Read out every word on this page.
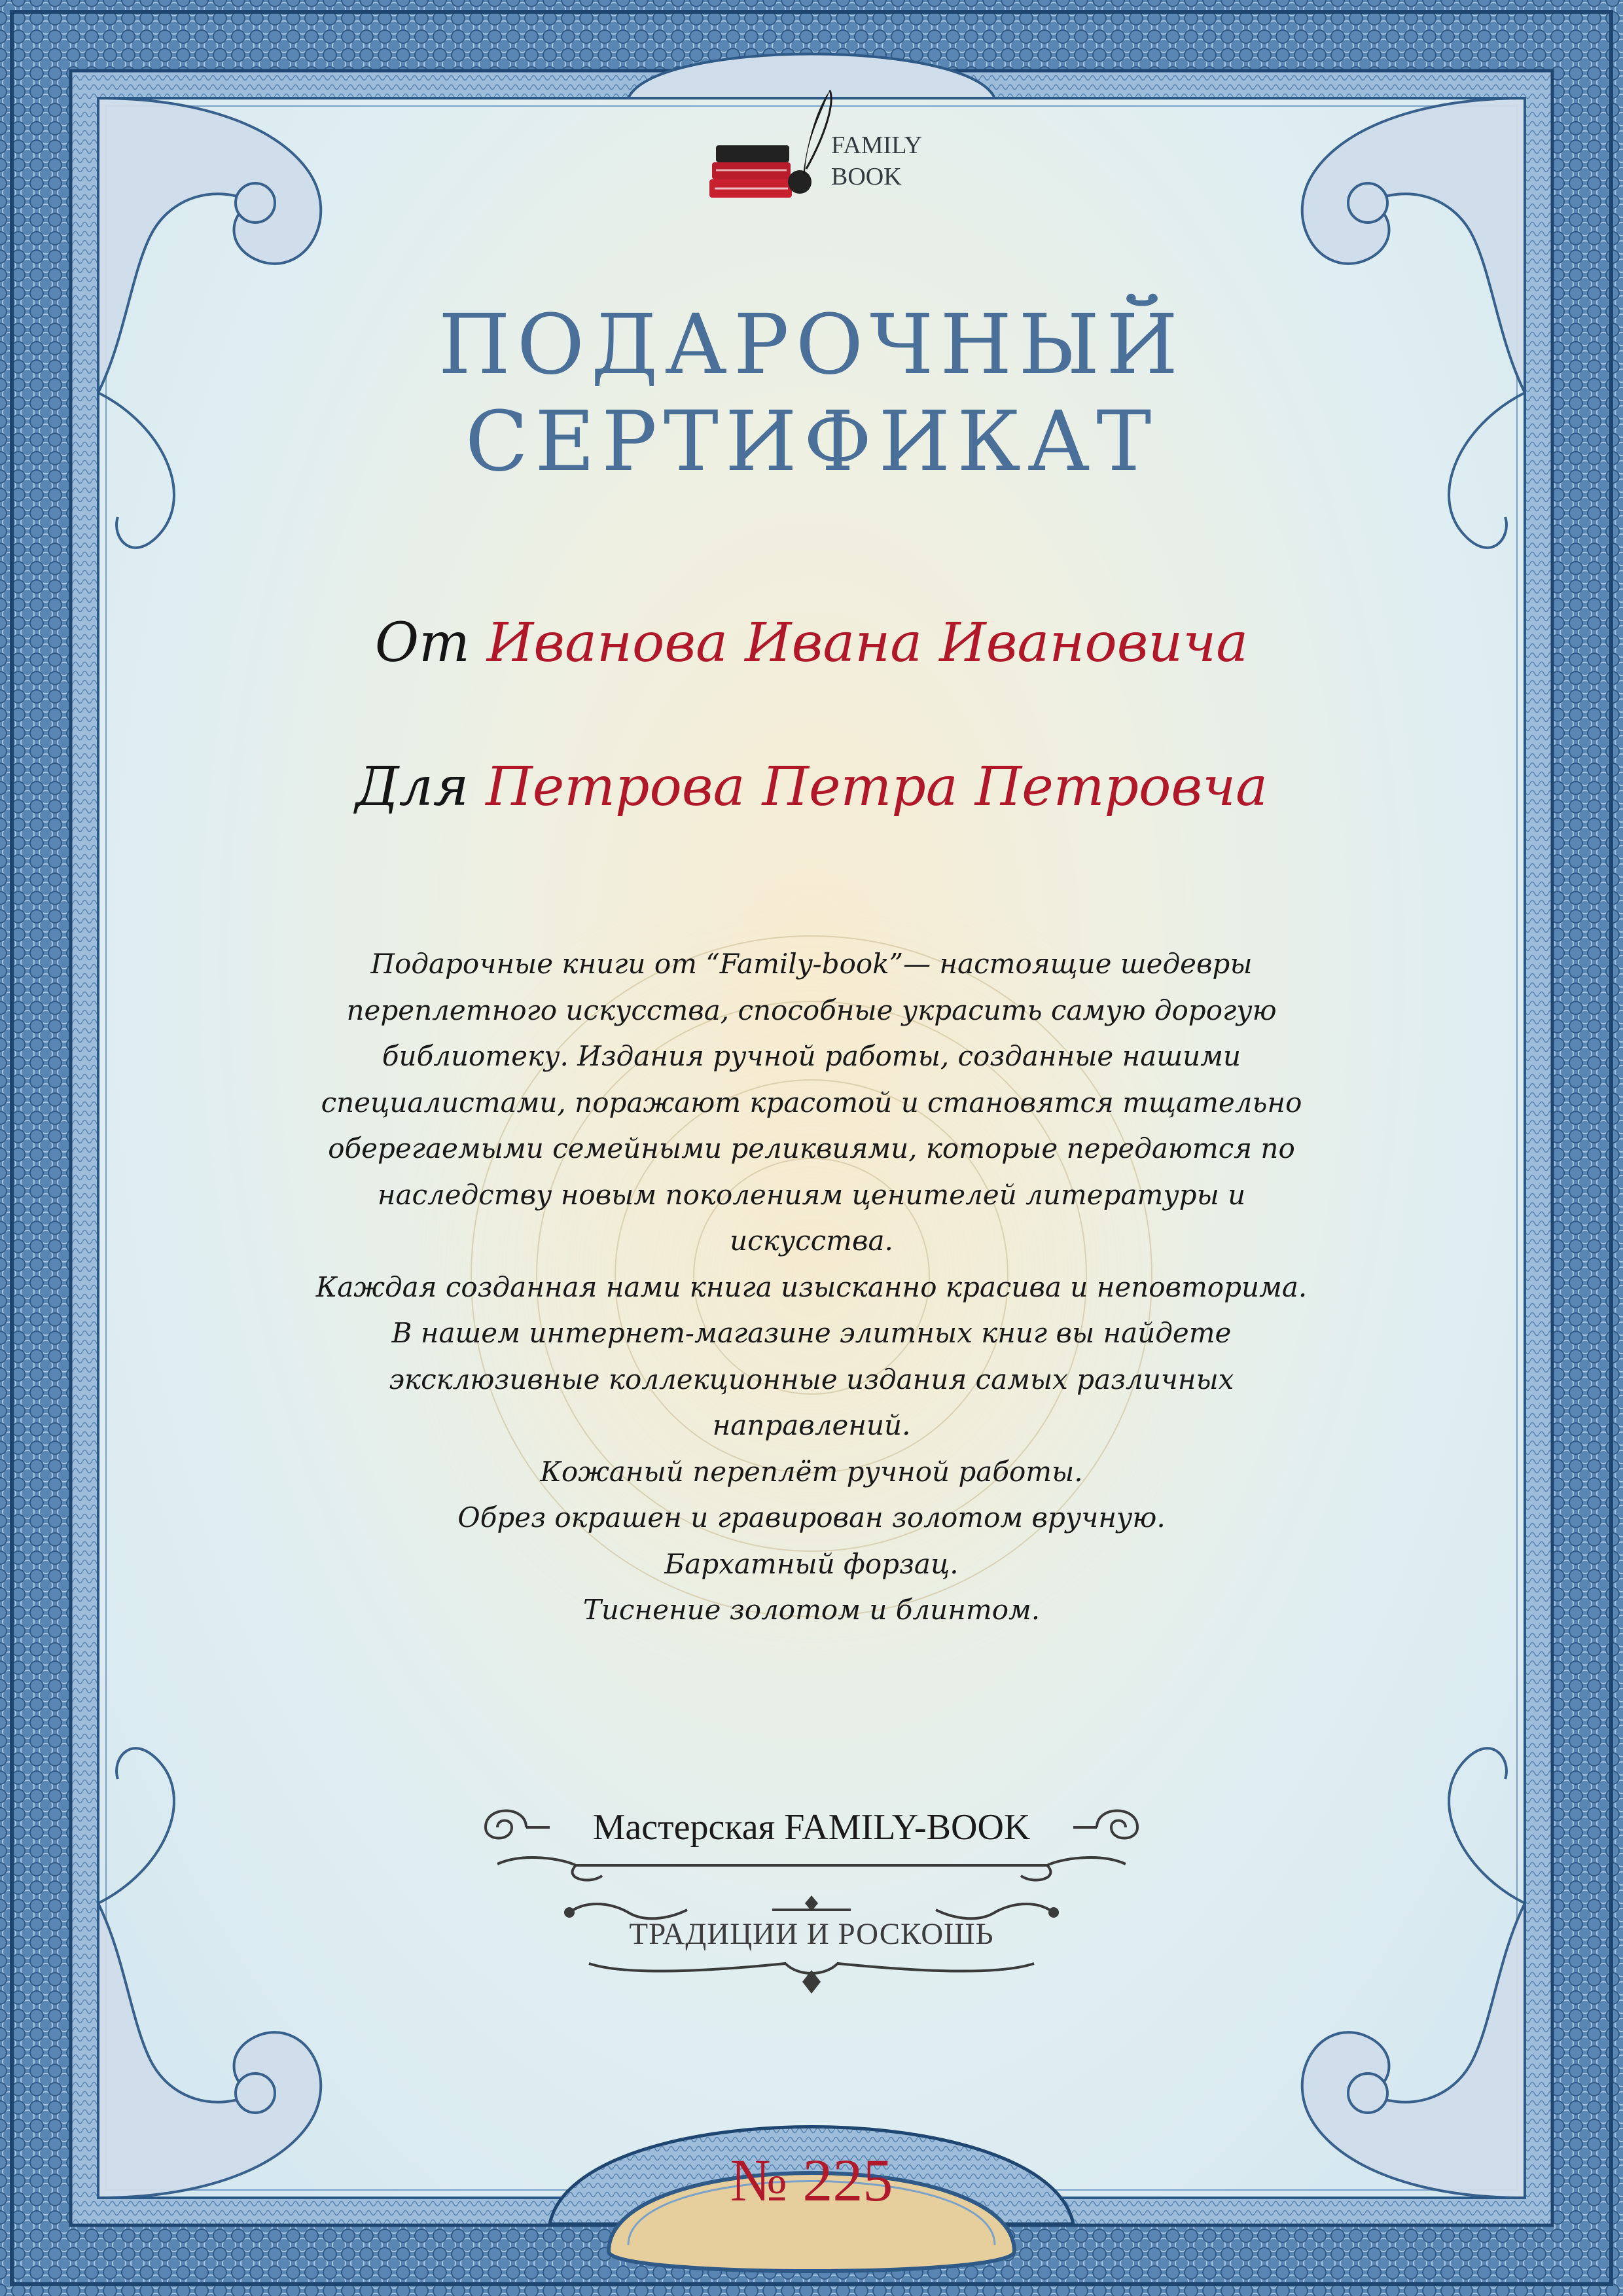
FAMILY
BOOK
ПОДАРОЧНЫЙ
СЕРТИФИКАТ
От Иванова Ивана Ивановича
Для Петрова Петра Петровча

Подарочные книги от “Family-book”— настоящие шедевры

переплетного искусства, способные украсить самую дорогую

библиотеку. Издания ручной работы, созданные нашими

специалистами, поражают красотой и становятся тщательно

оберегаемыми семейными реликвиями, которые передаются по

наследству новым поколениям ценителей литературы и

искусства.

Каждая созданная нами книга изысканно красива и неповторима.

В нашем интернет-магазине элитных книг вы найдете

эксклюзивные коллекционные издания самых различных

направлений.

Кожаный переплёт ручной работы.

Обрез окрашен и гравирован золотом вручную.

Бархатный форзац.

Тиснение золотом и блинтом.

Мастерская FAMILY-BOOK
ТРАДИЦИИ И РОСКОШЬ
№ 225
